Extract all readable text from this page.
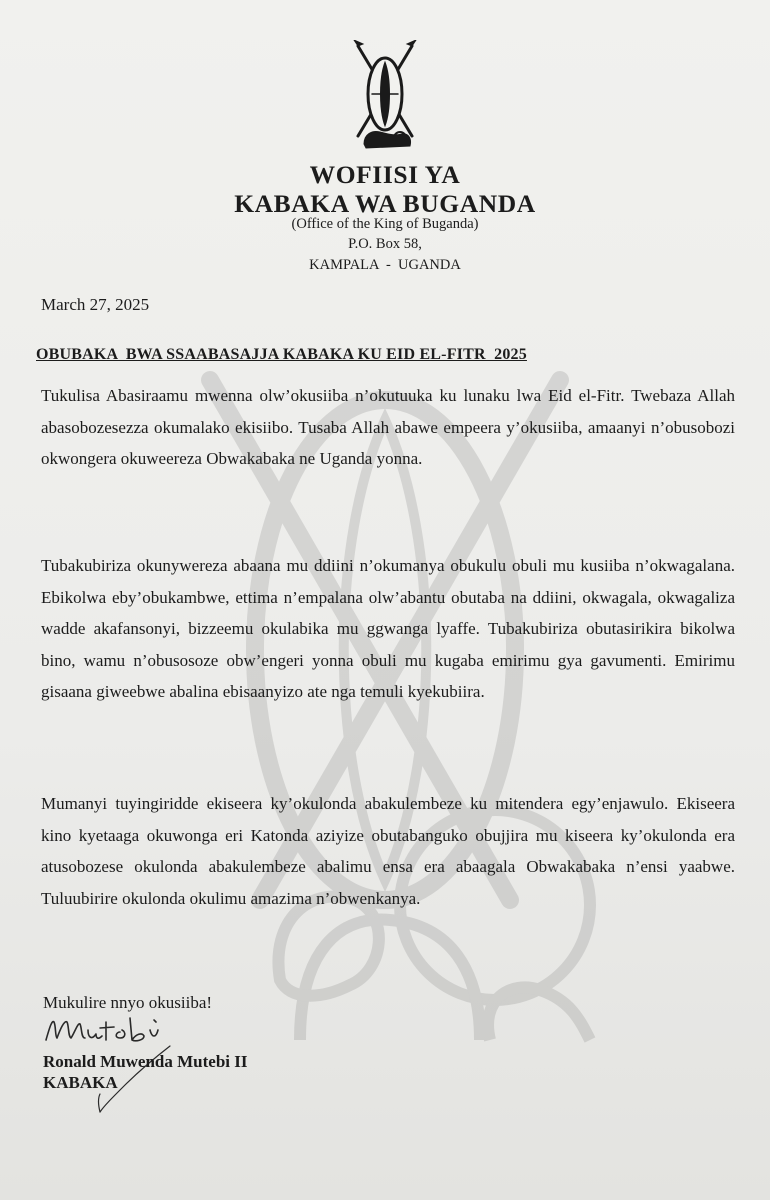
WOFIISI YA
KABAKA WA BUGANDA
(Office of the King of Buganda)
P.O. Box 58,
KAMPALA  -  UGANDA
March 27, 2025
OBUBAKA  BWA SSAABASAJJA KABAKA KU EID EL-FITR  2025

Tukulisa Abasiraamu mwenna olw’okusiiba n’okutuuka ku lunaku lwa Eid el-Fitr. Twebaza Allah abasobozesezza okumalako ekisiibo. Tusaba Allah abawe empeera y’okusiiba, amaanyi n’obusobozi okwongera okuweereza Obwakabaka ne Uganda yonna.

Tubakubiriza okunywereza abaana mu ddiini n’okumanya obukulu obuli mu kusiiba n’okwagalana. Ebikolwa eby’obukambwe, ettima n’empalana olw’abantu obutaba na ddiini, okwagala, okwagaliza wadde akafansonyi, bizzeemu okulabika mu ggwanga lyaffe. Tubakubiriza obutasirikira bikolwa bino, wamu n’obusosoze obw’engeri yonna obuli mu kugaba emirimu gya gavumenti. Emirimu gisaana giweebwe abalina ebisaanyizo ate nga temuli kyekubiira.

Mumanyi tuyingiridde ekiseera ky’okulonda abakulembeze ku mitendera egy’enjawulo. Ekiseera kino kyetaaga okuwonga eri Katonda aziyize obutabanguko obujjira mu kiseera ky’okulonda era atusobozese okulonda abakulembeze abalimu ensa era abaagala Obwakabaka n’ensi yaabwe. Tuluubirire okulonda okulimu amazima n’obwenkanya.

Mukulire nnyo okusiiba!
Ronald Muwenda Mutebi II
KABAKA
